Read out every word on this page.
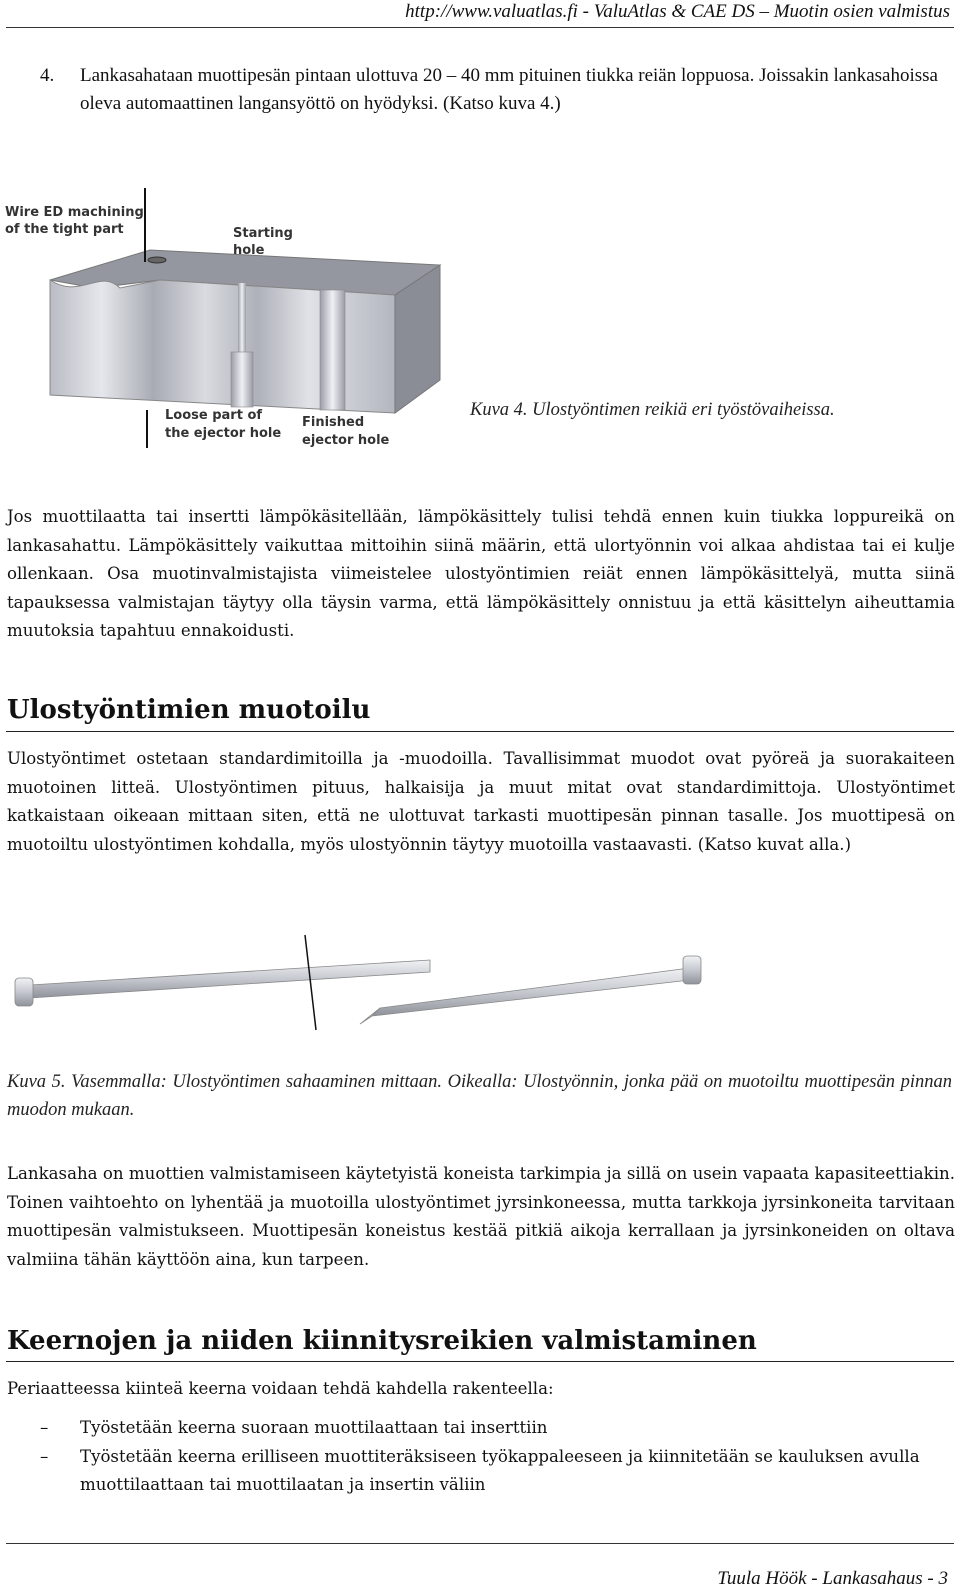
http://www.valuatlas.fi - ValuAtlas & CAE DS – Muotin osien valmistus
4. Lankasahataan muottipesän pintaan ulottuva 20 – 40 mm pituinen tiukka reiän loppuosa. Joissakin lankasahoissa oleva automaattinen langansyöttö on hyödyksi. (Katso kuva 4.)
Wire ED machining
of the tight part	Starting
hole
Loose part of
the ejector hole
Finished
ejector hole
Kuva 4. Ulostyöntimen reikiä eri työstövaiheissa.
Jos muottilaatta tai insertti lämpökäsitellään, lämpökäsittely tulisi tehdä ennen kuin tiukka loppureikä on lankasahattu. Lämpökäsittely vaikuttaa mittoihin siinä määrin, että ulortyönnin voi alkaa ahdistaa tai ei kulje ollenkaan. Osa muotinvalmistajista viimeistelee ulostyöntimien reiät ennen lämpökäsittelyä, mutta siinä tapauksessa valmistajan täytyy olla täysin varma, että lämpökäsittely onnistuu ja että käsittelyn aiheuttamia muutoksia tapahtuu ennakoidusti.
Ulostyöntimien muotoilu
Ulostyöntimet ostetaan standardimitoilla ja -muodoilla. Tavallisimmat muodot ovat pyöreä ja suorakaiteen muotoinen litteä. Ulostyöntimen pituus, halkaisija ja muut mitat ovat standardimittoja. Ulostyöntimet katkaistaan oikeaan mittaan siten, että ne ulottuvat tarkasti muottipesän pinnan tasalle. Jos muottipesä on muotoiltu ulostyöntimen kohdalla, myös ulostyönnin täytyy muotoilla vastaavasti. (Katso kuvat alla.)
Kuva 5. Vasemmalla: Ulostyöntimen sahaaminen mittaan. Oikealla: Ulostyönnin, jonka pää on muotoiltu muottipesän pinnan muodon mukaan.
Lankasaha on muottien valmistamiseen käytetyistä koneista tarkimpia ja sillä on usein vapaata kapasiteettiakin. Toinen vaihtoehto on lyhentää ja muotoilla ulostyöntimet jyrsinkoneessa, mutta tarkkoja jyrsinkoneita tarvitaan muottipesän valmistukseen. Muottipesän koneistus kestää pitkiä aikoja kerrallaan ja jyrsinkoneiden on oltava valmiina tähän käyttöön aina, kun tarpeen.
Keernojen ja niiden kiinnitysreikien valmistaminen
Periaatteessa kiinteä keerna voidaan tehdä kahdella rakenteella:
– Työstetään keerna suoraan muottilaattaan tai inserttiin
– Työstetään keerna erilliseen muottiteräksiseen työkappaleeseen ja kiinnitetään se kauluksen avulla muottilaattaan tai muottilaatan ja insertin väliin
Tuula Höök - Lankasahaus - 3
